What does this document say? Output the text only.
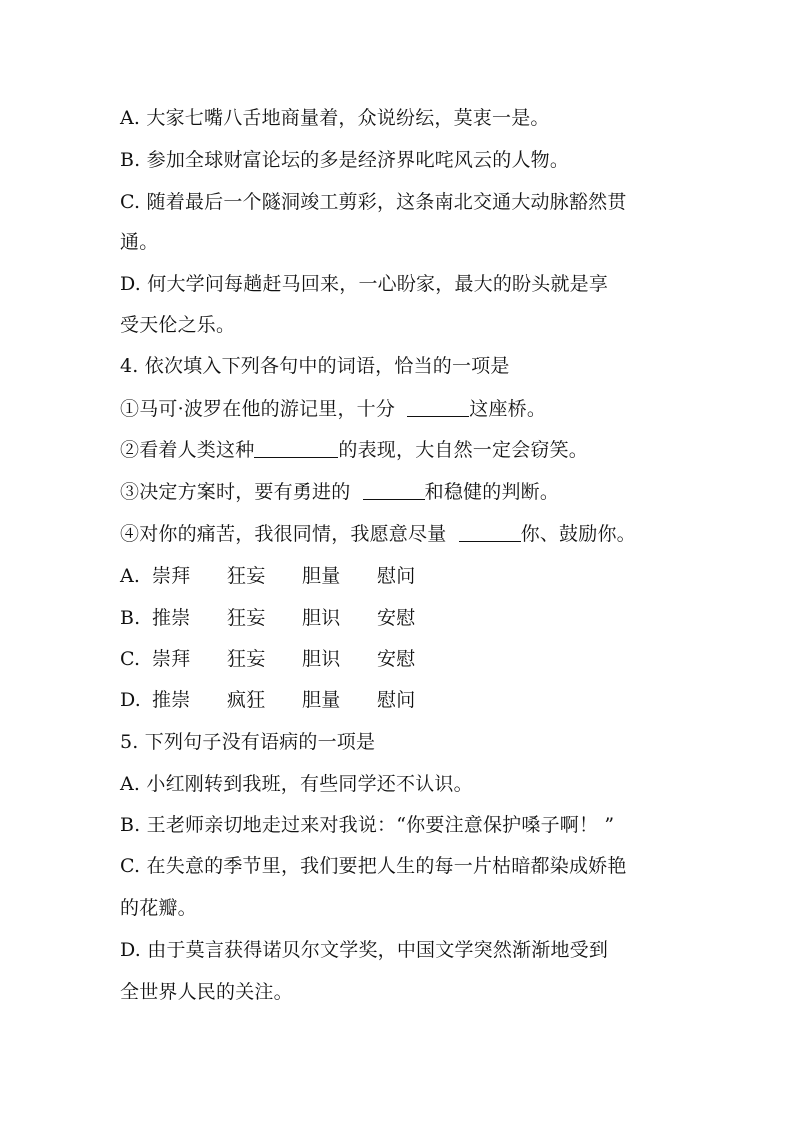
A. 大家七嘴八舌地商量着，众说纷纭，莫衷一是。
B. 参加全球财富论坛的多是经济界叱咤风云的人物。
C. 随着最后一个隧洞竣工剪彩，这条南北交通大动脉豁然贯
通。
D. 何大学问每趟赶马回来，一心盼家，最大的盼头就是享
受天伦之乐。
4. 依次填入下列各句中的词语，恰当的一项是
①马可·波罗在他的游记里，十分	这座桥。
②看着人类这种	的表现，大自然一定会窃笑。
③决定方案时，要有勇进的	和稳健的判断。
④对你的痛苦，我很同情，我愿意尽量	你、鼓励你。
A. 崇拜 狂妄 胆量 慰问
B. 推崇 狂妄 胆识 安慰
C. 崇拜 狂妄 胆识 安慰
D. 推崇 疯狂 胆量 慰问
5. 下列句子没有语病的一项是
A. 小红刚转到我班，有些同学还不认识。
B. 王老师亲切地走过来对我说：“你要注意保护嗓子啊！ ”
C. 在失意的季节里，我们要把人生的每一片枯暗都染成娇艳
的花瓣。
D. 由于莫言获得诺贝尔文学奖，中国文学突然渐渐地受到
全世界人民的关注。
